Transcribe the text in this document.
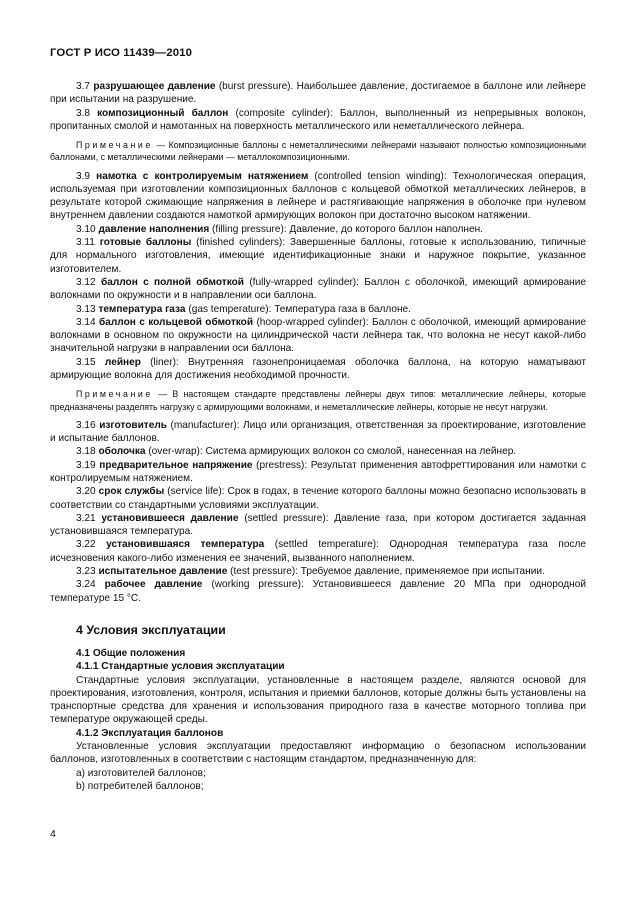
ГОСТ Р ИСО 11439—2010

3.7 разрушающее давление (burst pressure). Наибольшее давление, достигаемое в баллоне или лейнере при испытании на разрушение.

3.8 композиционный баллон (composite cylinder): Баллон, выполненный из непрерывных волокон, пропитанных смолой и намотанных на поверхность металлического или неметаллического лейнера.

Примечание — Композиционные баллоны с неметаллическими лейнерами называют полностью композиционными баллонами, с металлическими лейнерами — металлокомпозиционными.

3.9 намотка с контролируемым натяжением (controlled tension winding): Технологическая операция, используемая при изготовлении композиционных баллонов с кольцевой обмоткой металлических лейнеров, в результате которой сжимающие напряжения в лейнере и растягивающие напряжения в оболочке при нулевом внутреннем давлении создаются намоткой армирующих волокон при достаточно высоком натяжении.

3.10 давление наполнения (filling pressure): Давление, до которого баллон наполнен.

3.11 готовые баллоны (finished cylinders): Завершенные баллоны, готовые к использованию, типичные для нормального изготовления, имеющие идентификационные знаки и наружное покрытие, указанное изготовителем.

3.12 баллон с полной обмоткой (fully-wrapped cylinder): Баллон с оболочкой, имеющий армирование волокнами по окружности и в направлении оси баллона.

3.13 температура газа (gas temperature): Температура газа в баллоне.

3.14 баллон с кольцевой обмоткой (hoop-wrapped cylinder): Баллон с оболочкой, имеющий армирование волокнами в основном по окружности на цилиндрической части лейнера так, что волокна не несут какой-либо значительной нагрузки в направлении оси баллона.

3.15 лейнер (liner): Внутренняя газонепроницаемая оболочка баллона, на которую наматывают армирующие волокна для достижения необходимой прочности.

Примечание — В настоящем стандарте представлены лейнеры двух типов: металлические лейнеры, которые предназначены разделять нагрузку с армирующими волокнами, и неметаллические лейнеры, которые не несут нагрузки.

3.16 изготовитель (manufacturer): Лицо или организация, ответственная за проектирование, изготовление и испытание баллонов.

3.18 оболочка (over-wrap): Система армирующих волокон со смолой, нанесенная на лейнер.

3.19 предварительное напряжение (prestress): Результат применения автофреттирования или намотки с контролируемым натяжением.

3.20 срок службы (service life): Срок в годах, в течение которого баллоны можно безопасно использовать в соответствии со стандартными условиями эксплуатации.

3.21 установившееся давление (settled pressure): Давление газа, при котором достигается заданная установившаяся температура.

3.22 установившаяся температура (settled temperature): Однородная температура газа после исчезновения какого-либо изменения ее значений, вызванного наполнением.

3.23 испытательное давление (test pressure): Требуемое давление, применяемое при испытании.

3.24 рабочее давление (working pressure): Установившееся давление 20 МПа при однородной температуре 15 °С.

4 Условия эксплуатации

4.1 Общие положения

4.1.1 Стандартные условия эксплуатации

Стандартные условия эксплуатации, установленные в настоящем разделе, являются основой для проектирования, изготовления, контроля, испытания и приемки баллонов, которые должны быть установлены на транспортные средства для хранения и использования природного газа в качестве моторного топлива при температуре окружающей среды.

4.1.2 Эксплуатация баллонов

Установленные условия эксплуатации предоставляют информацию о безопасном использовании баллонов, изготовленных в соответствии с настоящим стандартом, предназначенную для:

a) изготовителей баллонов;

b) потребителей баллонов;

4
